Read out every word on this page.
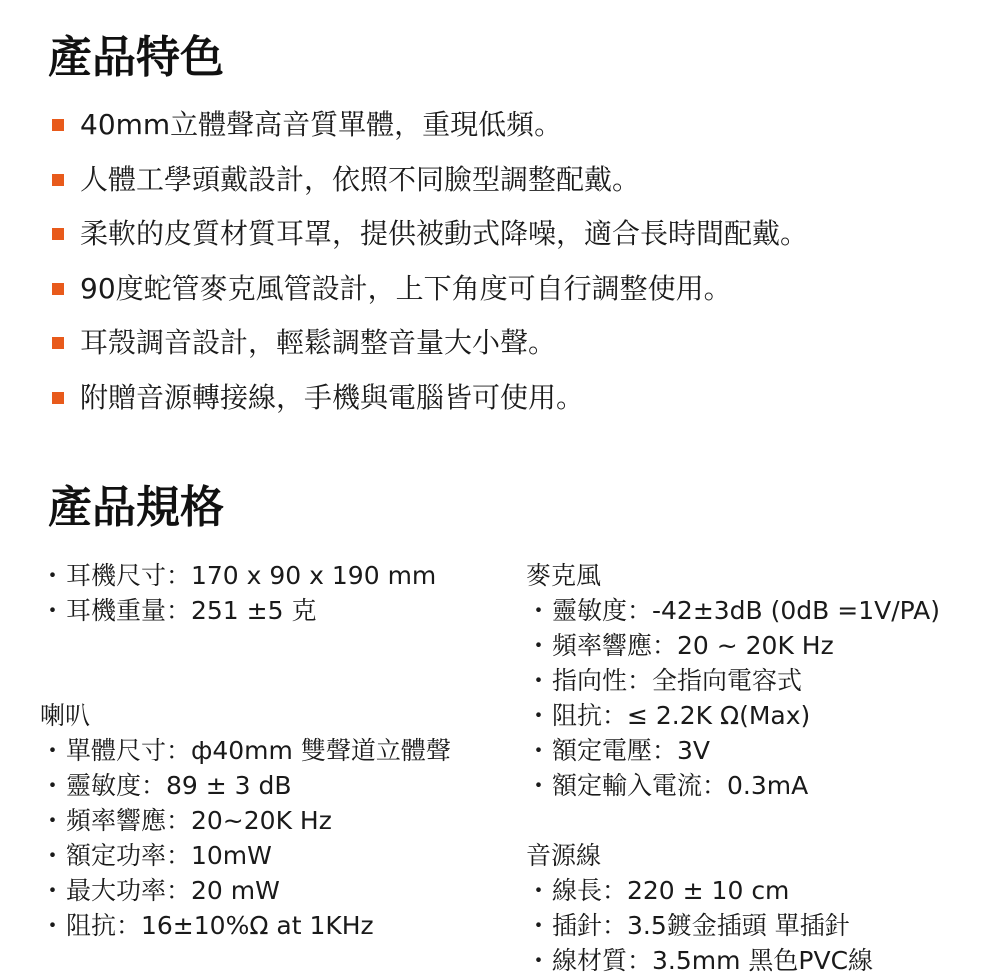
產品特色
40mm立體聲高音質單體，重現低頻。
人體工學頭戴設計，依照不同臉型調整配戴。
柔軟的皮質材質耳罩，提供被動式降噪，適合長時間配戴。
90度蛇管麥克風管設計，上下角度可自行調整使用。
耳殼調音設計，輕鬆調整音量大小聲。
附贈音源轉接線，手機與電腦皆可使用。
產品規格
・耳機尺寸：170 x 90 x 190 mm
・耳機重量：251 ±5 克
喇叭
・單體尺寸：ф40mm 雙聲道立體聲
・靈敏度：89 ± 3 dB
・頻率響應：20~20K Hz
・額定功率：10mW
・最大功率：20 mW
・阻抗：16±10%Ω at 1KHz
麥克風
・靈敏度：-42±3dB (0dB =1V/PA)
・頻率響應：20 ~ 20K Hz
・指向性：全指向電容式
・阻抗：≤ 2.2K Ω(Max)
・額定電壓：3V
・額定輸入電流：0.3mA
音源線
・線長：220 ± 10 cm
・插針：3.5鍍金插頭 單插針
・線材質：3.5mm 黑色PVC線
